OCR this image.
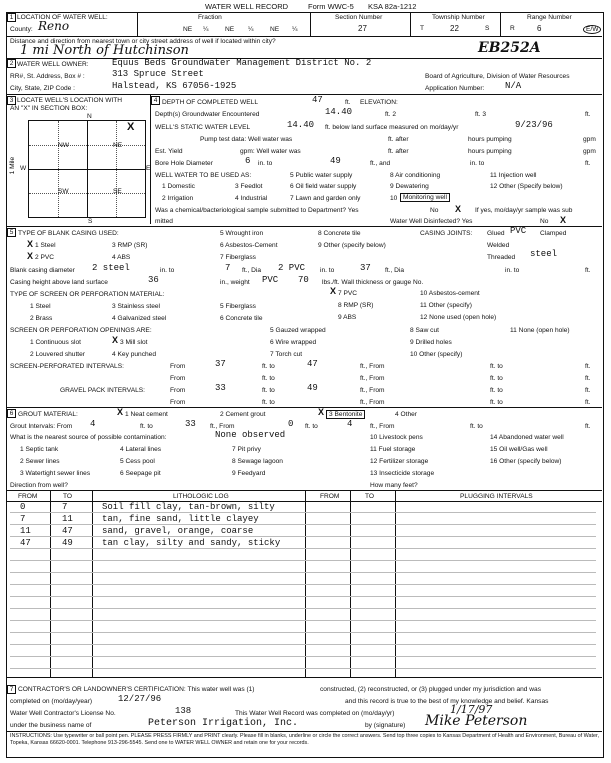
WATER WELL RECORD	Form WWC-5 KSA 82a-1212
1 LOCATION OF WATER WELL:
County: Reno
Fraction
NE ¼	NE ¼	NE ¼
Section Number
27
Township Number
T	22	S
Range Number
R	6	E/W
Distance and direction from nearest town or city street address of well if located within city?
1 mi North of Hutchinson	EB252A
2 WATER WELL OWNER:	Equus Beds Groundwater Management District No. 2
RR#, St. Address, Box # :	313 Spruce Street
City, State, ZIP Code :	Halstead, KS 67056-1925
Board of Agriculture, Division of Water Resources
Application Number: N/A
3 LOCATE WELL'S LOCATION WITH
AN "X" IN SECTION BOX:
N
S
W	E
NW	NE
SW	SE
X
1 Mile
4 DEPTH OF COMPLETED WELL	47	ft. ELEVATION:
Depth(s) Groundwater Encountered	14.40	ft. 2	ft. 3	ft.
WELL'S STATIC WATER LEVEL	14.40 ft. below land surface measured on mo/day/yr	9/23/96
Pump test data: Well water was	ft. after	hours pumping	gpm
Est. Yield	gpm: Well water was	ft. after	hours pumping	gpm
Bore Hole Diameter	6 in. to	49	ft., and	in. to	ft.
WELL WATER TO BE USED AS:
1 Domestic	3 Feedlot
5 Public water supply	8 Air conditioning	11 Injection well
2 Irrigation	4 Industrial
6 Oil field water supply	9 Dewatering	12 Other (Specify below)
7 Lawn and garden only	10 Monitoring well
Was a chemical/bacteriological sample submitted to Department? Yes	No X If yes, mo/day/yr sample was sub
mitted	Water Well Disinfected? Yes	No X
5 TYPE OF BLANK CASING USED:
X 1 Steel	3 RMP (SR)
5 Wrought iron	8 Concrete tile
X 2 PVC	4 ABS
6 Asbestos-Cement	9 Other (specify below)
7 Fiberglass
CASING JOINTS: Glued PVC Clamped
Welded
Threaded steel
Blank casing diameter 2 steel	in. to	7 ft., Dia 2 PVC in. to	37 ft., Dia	in. to	ft.
Casing height above land surface	36	in., weight PVC 70 lbs./ft. Wall thickness or gauge No.
TYPE OF SCREEN OR PERFORATION MATERIAL:
1 Steel	3 Stainless steel	5 Fiberglass
X 7 PVC	10 Asbestos-cement
2 Brass	4 Galvanized steel	6 Concrete tile
8 RMP (SR)	11 Other (specify)
9 ABS	12 None used (open hole)
SCREEN OR PERFORATION OPENINGS ARE:
1 Continuous slot	X 3 Mill slot
5 Gauzed wrapped	8 Saw cut	11 None (open hole)
2 Louvered shutter	4 Key punched
6 Wire wrapped	9 Drilled holes
7 Torch cut	10 Other (specify)
SCREEN-PERFORATED INTERVALS:	From	37	ft. to	47	ft., From	ft. to	ft.
From	ft. to	ft., From	ft. to	ft.
GRAVEL PACK INTERVALS:	From	33	ft. to	49	ft., From	ft. to	ft.
From	ft. to	ft., From	ft. to	ft.
6 GROUT MATERIAL:	X 1 Neat cement	2 Cement grout	X 3 Bentonite	4 Other
Grout Intervals: From 4	ft. to	33 ft., From	0 ft. to	4	ft., From	ft. to	ft.
What is the nearest source of possible contamination:	None observed
1 Septic tank	4 Lateral lines	7 Pit privy
10 Livestock pens	14 Abandoned water well
2 Sewer lines	5 Cess pool	8 Sewage lagoon
11 Fuel storage	15 Oil well/Gas well
3 Watertight sewer lines	6 Seepage pit	9 Feedyard
12 Fertilizer storage	16 Other (specify below)
13 Insecticide storage
Direction from well?	How many feet?
FROM	TO	LITHOLOGIC LOG	FROM	TO	PLUGGING INTERVALS
0	7	Soil fill clay, tan-brown, silty
7	11	tan, fine sand, little clayey
11	47	sand, gravel, orange, coarse
47	49	tan clay, silty and sandy, sticky
7 CONTRACTOR'S OR LANDOWNER'S CERTIFICATION: This water well was (1)	constructed, (2) reconstructed, or (3) plugged under my jurisdiction and was
completed on (mo/day/year)	12/27/96	and this record is true to the best of my knowledge and belief. Kansas
Water Well Contractor's License No.	138	This Water Well Record was completed on (mo/day/yr)	1/17/97
under the business name of	Peterson Irrigation, Inc.	by (signature) Mike Peterson
INSTRUCTIONS: Use typewriter or ball point pen. PLEASE PRESS FIRMLY and PRINT clearly. Please fill in blanks, underline or circle the correct answers. Send top three copies to Kansas Department of Health and Environment, Bureau of Water, Topeka, Kansas 66620-0001. Telephone 913-296-5545. Send one to WATER WELL OWNER and retain one for your records.
